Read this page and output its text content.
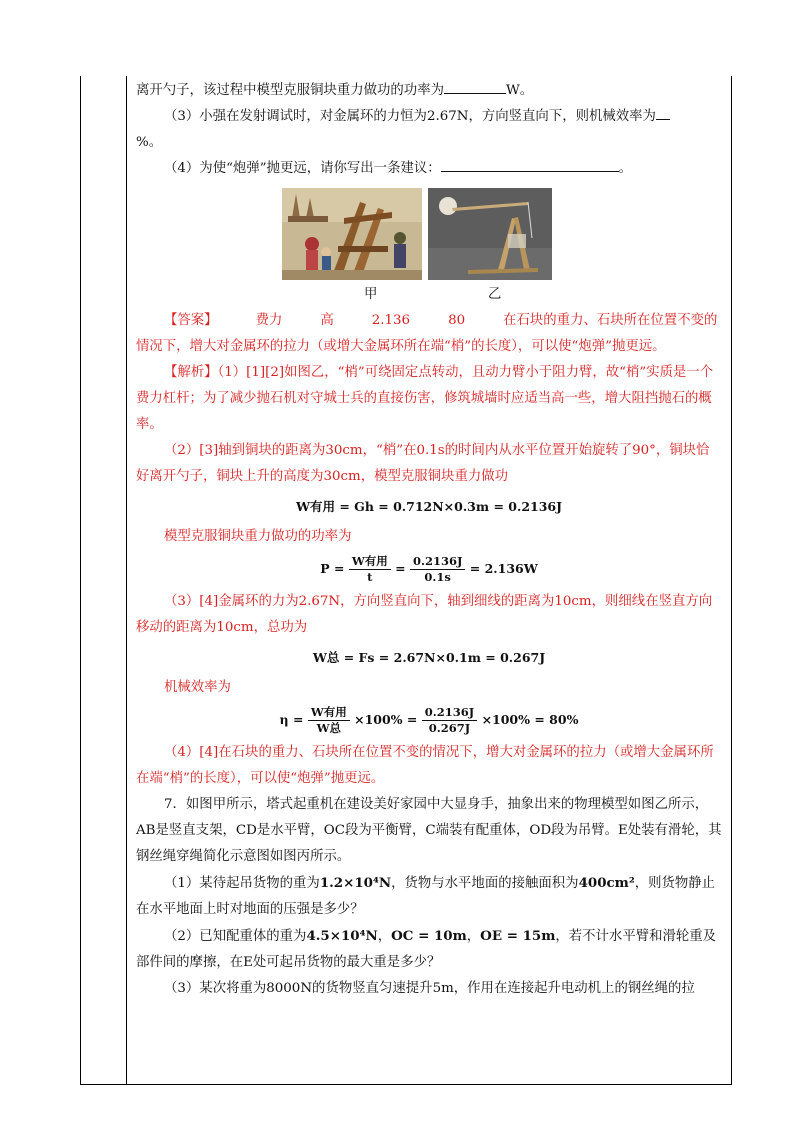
离开勺子，该过程中模型克服铜块重力做功的功率为	W。

（3）小强在发射调试时，对金属环的力恒为2.67N，方向竖直向下，则机械效率为
%。

（4）为使“炮弹”抛更远，请你写出一条建议：	。

甲	乙

【答案】	费力	高	2.136	80	在石块的重力、石块所在位置不变的情况下，增大对金属环的拉力（或增大金属环所在端“梢”的长度），可以使“炮弹”抛更远。

【解析】（1）[1][2]如图乙，“梢”可绕固定点转动，且动力臂小于阻力臂，故“梢”实质是一个费力杠杆；为了减少抛石机对守城士兵的直接伤害，修筑城墙时应适当高一些，增大阻挡抛石的概率。

（2）[3]轴到铜块的距离为30cm，“梢”在0.1s的时间内从水平位置开始旋转了90°，铜块恰好离开勺子，铜块上升的高度为30cm，模型克服铜块重力做功

W有用 = Gh = 0.712N×0.3m = 0.2136J

模型克服铜块重力做功的功率为

$P = \frac{\text{W有用}}{t} = \frac{0.2136J}{0.1s} = 2.136W$

（3）[4]金属环的力为2.67N，方向竖直向下，轴到细线的距离为10cm，则细线在竖直方向移动的距离为10cm，总功为

W总 = Fs = 2.67N×0.1m = 0.267J

机械效率为

$\eta = \frac{\text{W有用}}{\text{W总}} \times 100\% = \frac{0.2136J}{0.267J} \times 100\% = 80\%$

（4）[4]在石块的重力、石块所在位置不变的情况下，增大对金属环的拉力（或增大金属环所在端“梢”的长度），可以使“炮弹”抛更远。

7．如图甲所示，塔式起重机在建设美好家园中大显身手，抽象出来的物理模型如图乙所示，AB是竖直支架，CD是水平臂，OC段为平衡臂，C端装有配重体，OD段为吊臂。E处装有滑轮，其钢丝绳穿绳简化示意图如图丙所示。

（1）某待起吊货物的重为1.2×10⁴N，货物与水平地面的接触面积为400cm²，则货物静止在水平地面上时对地面的压强是多少？

（2）已知配重体的重为4.5×10⁴N，OC = 10m，OE = 15m，若不计水平臂和滑轮重及部件间的摩擦，在E处可起吊货物的最大重是多少？

（3）某次将重为8000N的货物竖直匀速提升5m，作用在连接起升电动机上的钢丝绳的拉
